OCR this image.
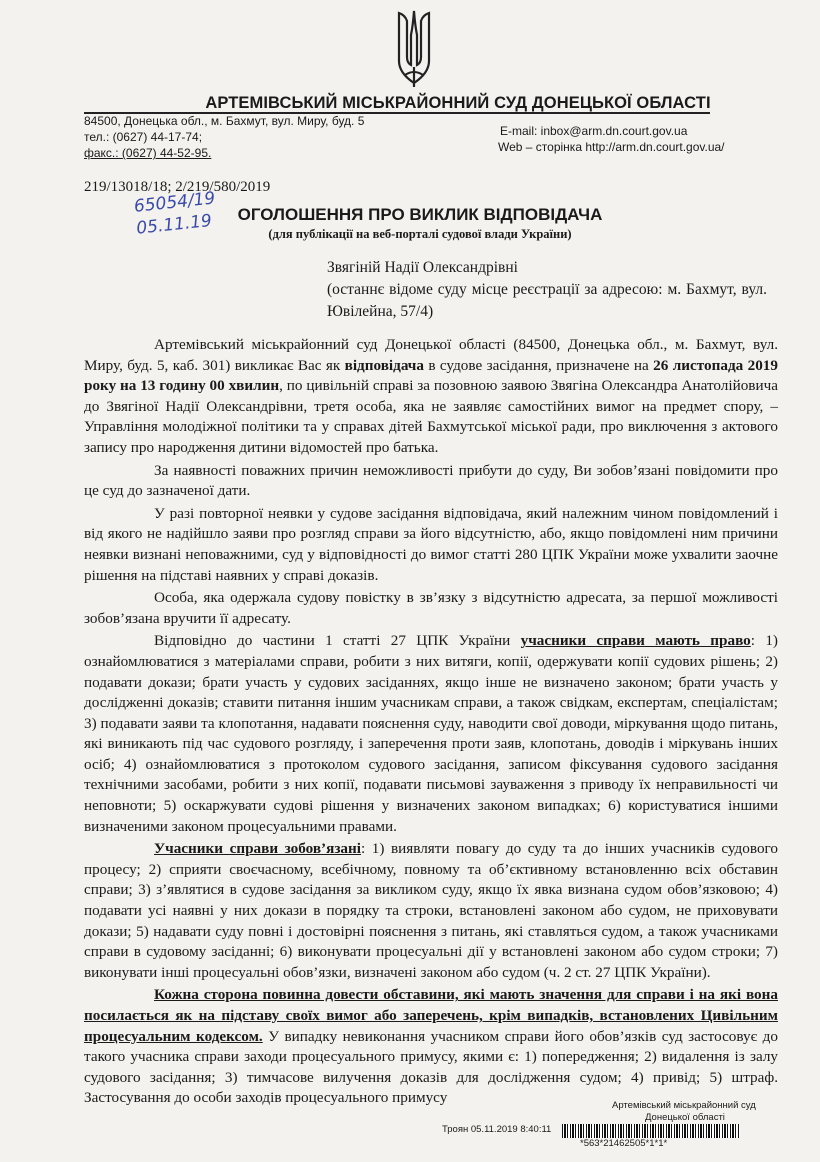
АРТЕМІВСЬКИЙ МІСЬКРАЙОННИЙ СУД ДОНЕЦЬКОЇ ОБЛАСТІ
84500, Донецька обл., м. Бахмут, вул. Миру, буд. 5
тел.: (0627) 44-17-74;
факс.: (0627) 44-52-95.
E-mail: inbox@arm.dn.court.gov.ua
Web – сторінка http://arm.dn.court.gov.ua/
219/13018/18; 2/219/580/2019
65054/19
05.11.19	ОГОЛОШЕННЯ ПРО ВИКЛИК ВІДПОВІДАЧА
(для публікації на веб-порталі судової влади України)
Звягіній Надії Олександрівні
(останнє відоме суду місце реєстрації за адресою: м. Бахмут, вул. Ювілейна, 57/4)

Артемівський міськрайонний суд Донецької області (84500, Донецька обл., м. Бахмут, вул. Миру, буд. 5, каб. 301) викликає Вас як відповідача в судове засідання, призначене на 26 листопада 2019 року на 13 годину 00 хвилин, по цивільній справі за позовною заявою Звягіна Олександра Анатолійовича до Звягіної Надії Олександрівни, третя особа, яка не заявляє самостійних вимог на предмет спору, – Управління молодіжної політики та у справах дітей Бахмутської міської ради, про виключення з актового запису про народження дитини відомостей про батька.

За наявності поважних причин неможливості прибути до суду, Ви зобов’язані повідомити про це суд до зазначеної дати.

У разі повторної неявки у судове засідання відповідача, який належним чином повідомлений і від якого не надійшло заяви про розгляд справи за його відсутністю, або, якщо повідомлені ним причини неявки визнані неповажними, суд у відповідності до вимог статті 280 ЦПК України може ухвалити заочне рішення на підставі наявних у справі доказів.

Особа, яка одержала судову повістку в зв’язку з відсутністю адресата, за першої можливості зобов’язана вручити її адресату.

Відповідно до частини 1 статті 27 ЦПК України учасники справи мають право: 1) ознайомлюватися з матеріалами справи, робити з них витяги, копії, одержувати копії судових рішень; 2) подавати докази; брати участь у судових засіданнях, якщо інше не визначено законом; брати участь у дослідженні доказів; ставити питання іншим учасникам справи, а також свідкам, експертам, спеціалістам; 3) подавати заяви та клопотання, надавати пояснення суду, наводити свої доводи, міркування щодо питань, які виникають під час судового розгляду, і заперечення проти заяв, клопотань, доводів і міркувань інших осіб; 4) ознайомлюватися з протоколом судового засідання, записом фіксування судового засідання технічними засобами, робити з них копії, подавати письмові зауваження з приводу їх неправильності чи неповноти; 5) оскаржувати судові рішення у визначених законом випадках; 6) користуватися іншими визначеними законом процесуальними правами.

Учасники справи зобов’язані: 1) виявляти повагу до суду та до інших учасників судового процесу; 2) сприяти своєчасному, всебічному, повному та об’єктивному встановленню всіх обставин справи; 3) з’являтися в судове засідання за викликом суду, якщо їх явка визнана судом обов’язковою; 4) подавати усі наявні у них докази в порядку та строки, встановлені законом або судом, не приховувати докази; 5) надавати суду повні і достовірні пояснення з питань, які ставляться судом, а також учасниками справи в судовому засіданні; 6) виконувати процесуальні дії у встановлені законом або судом строки; 7) виконувати інші процесуальні обов’язки, визначені законом або судом (ч. 2 ст. 27 ЦПК України).

Кожна сторона повинна довести обставини, які мають значення для справи і на які вона посилається як на підставу своїх вимог або заперечень, крім випадків, встановлених Цивільним процесуальним кодексом. У випадку невиконання учасником справи його обов’язків суд застосовує до такого учасника справи заходи процесуального примусу, якими є: 1) попередження; 2) видалення із залу судового засідання; 3) тимчасове вилучення доказів для дослідження судом; 4) привід; 5) штраф. Застосування до особи заходів процесуального примусу	Артемівський міськрайонний суд
Донецької області
Троян 05.11.2019 8:40:11
*563*21462505*1*1*
